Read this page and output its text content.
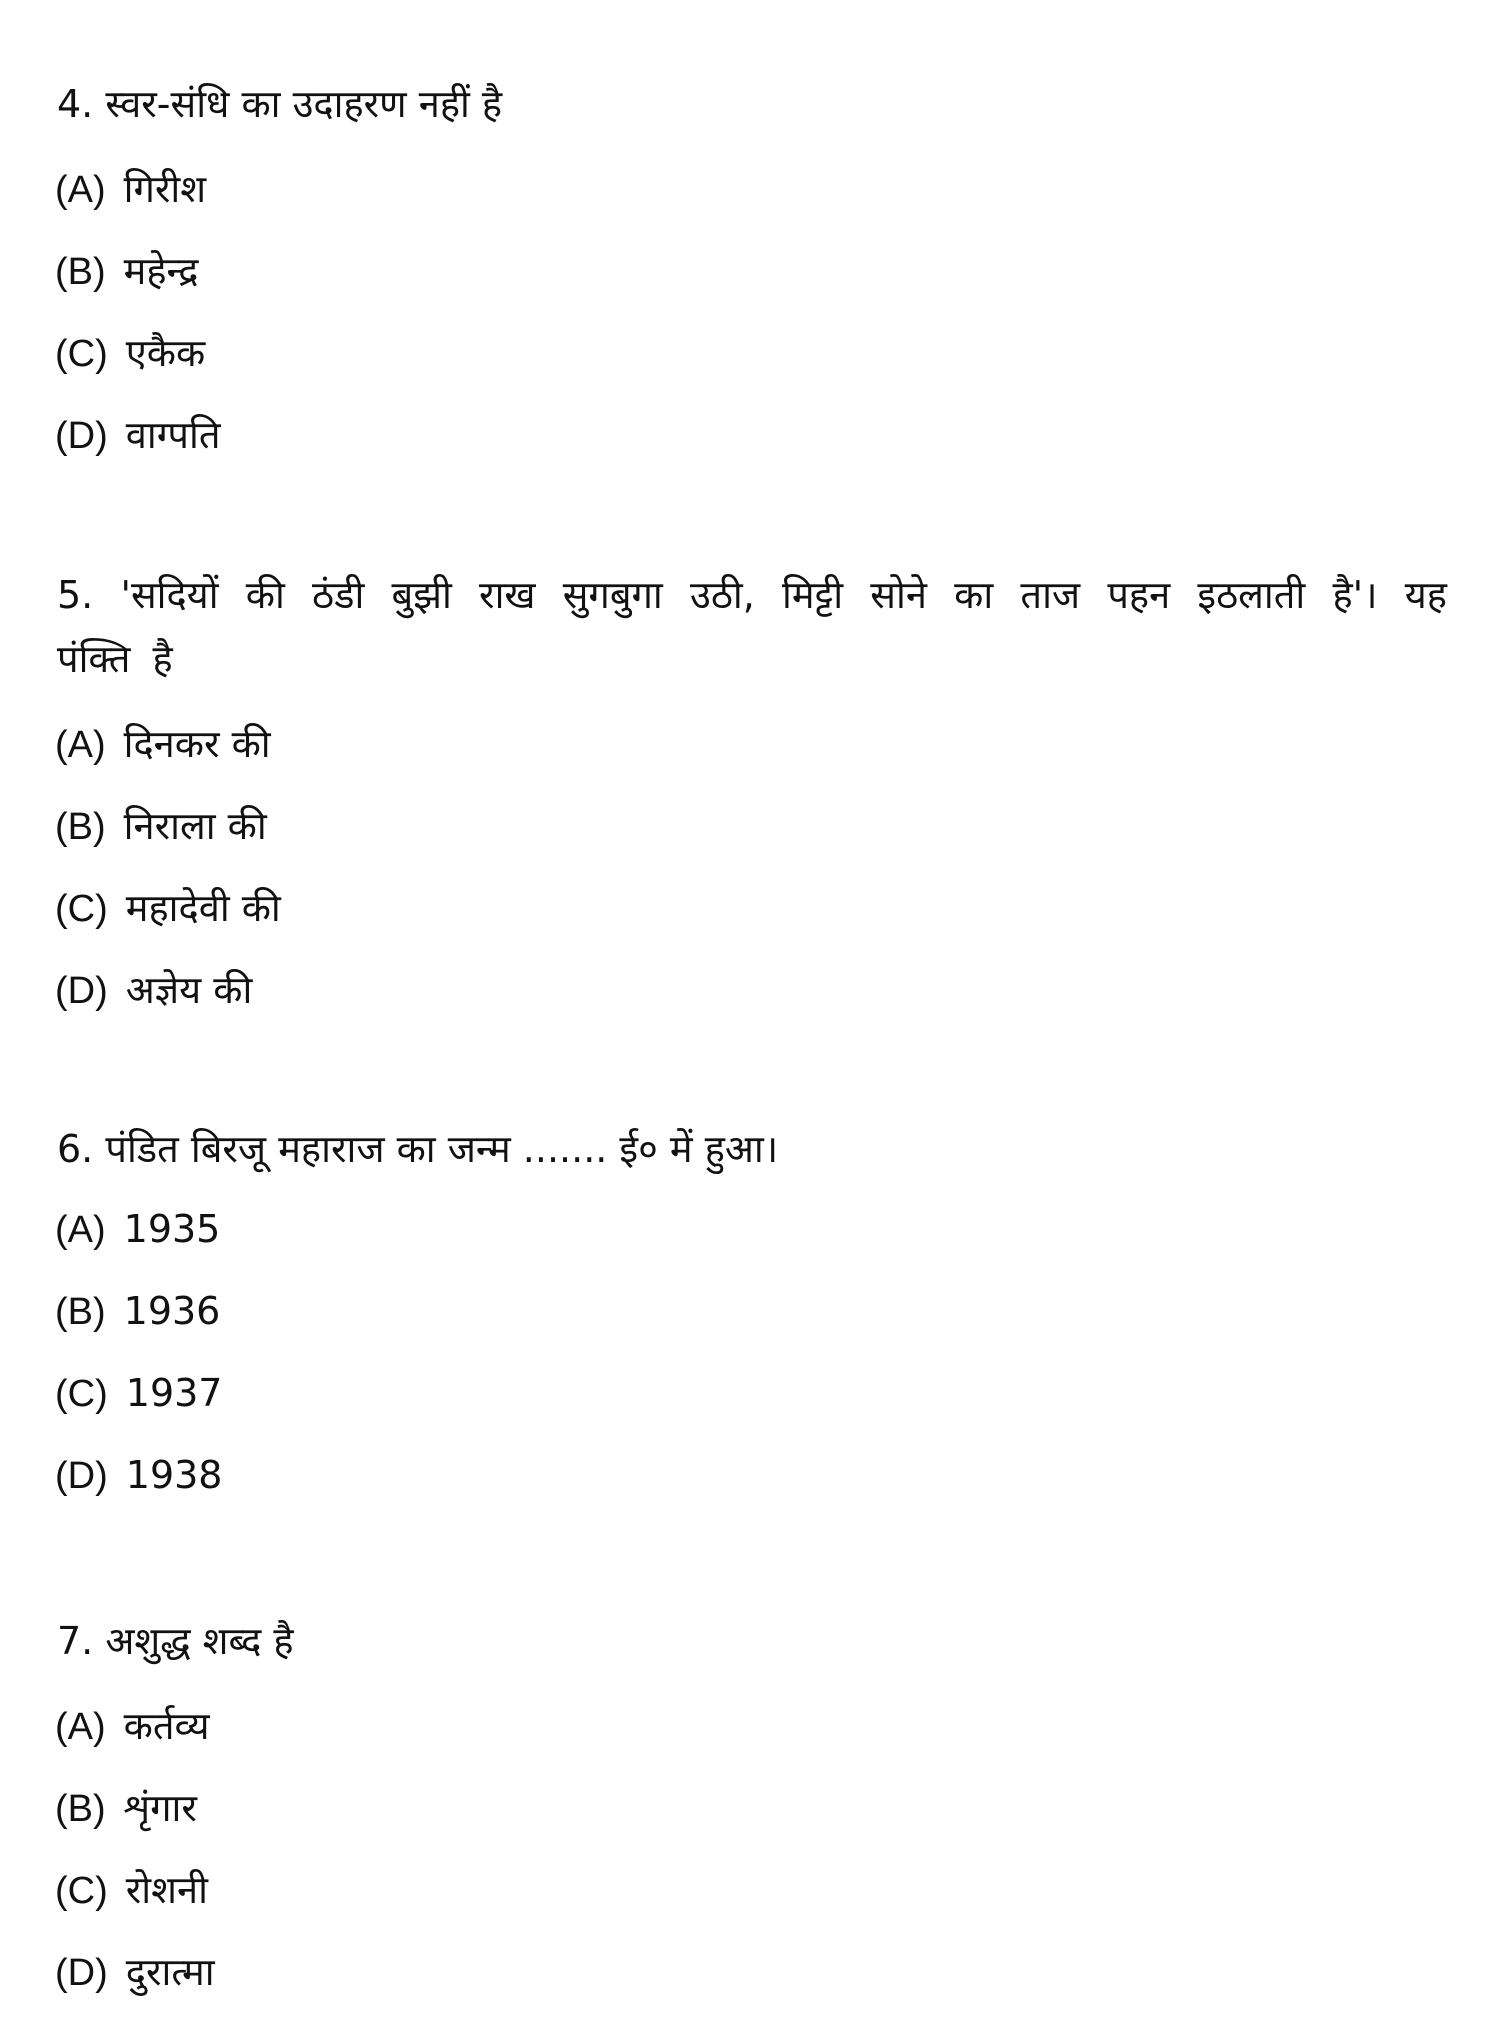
4. स्वर-संधि का उदाहरण नहीं है
(A) गिरीश
(B) महेन्द्र
(C) एकैक
(D) वाग्पति
5. 'सदियों की ठंडी बुझी राख सुगबुगा उठी, मिट्टी सोने का ताज पहन इठलाती है'। यह पंक्ति है
(A) दिनकर की
(B) निराला की
(C) महादेवी की
(D) अज्ञेय की
6. पंडित बिरजू महाराज का जन्म ....... ई० में हुआ।
(A) 1935
(B) 1936
(C) 1937
(D) 1938
7. अशुद्ध शब्द है
(A) कर्तव्य
(B) शृंगार
(C) रोशनी
(D) दुरात्मा
